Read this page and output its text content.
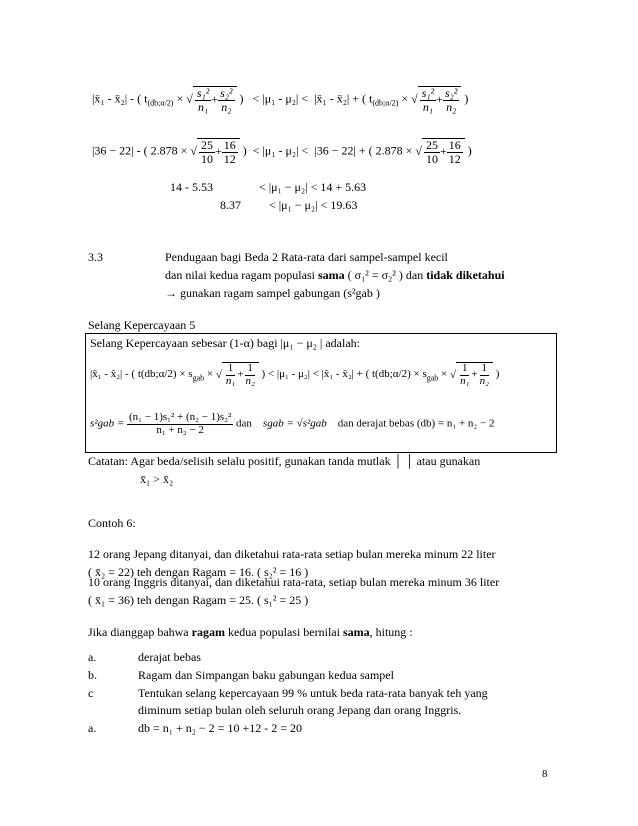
|x̄₁ - x̄₂| - ( $t_{(db;\alpha/2)}$ × √ $\frac{\text{s₁²}}{\text{n₁}} + \frac{\text{s₂²}}{\text{n₂}}$ )   < |μ₁ - μ₂| < |x̄₁ - x̄₂| + ( $t_{(db;\alpha/2)}$ × √ $\frac{\text{s₁²}}{\text{n₁}} + \frac{\text{s₂²}}{\text{n₂}}$ )
|36 − 22| - ( 2.878 × √ $\frac{25}{10} + \frac{16}{12}$ )  < |μ₁ - μ₂| < |36 − 22| + ( 2.878 × √ $\frac{25}{10} + \frac{16}{12}$ )
14 - 5.53	< |μ₁ − μ₂| < 14 + 5.63
8.37 < |μ₁ − μ₂| < 19.63
3.3	Pendugaan bagi Beda 2 Rata-rata dari sampel-sampel kecil
dan nilai kedua ragam populasi sama ( σ₁² = σ₂² ) dan tidak diketahui
→ gunakan ragam sampel gabungan (s²gab )
Selang Kepercayaan 5
Selang Kepercayaan sebesar (1-α) bagi |μ₁ − μ₂ | adalah:
|x̄₁ - x̄₂| - ( t(db;α/2) × $s_{gab}$ × √ $\frac{1}{\text{n₁}} + \frac{1}{\text{n₂}}$ ) < |μ₁ - μ₂| < |x̄₁ - x̄₂| + ( t(db;α/2) × $s_{gab}$ × √ $\frac{1}{\text{n₁}} + \frac{1}{\text{n₂}}$ )
$s^2gab = \frac{\text{(n₁ − 1)s₁² + (n₂ − 1)s₂²}}{\text{n₁ + n₂ − 2}}$ dan sgab = √s²gab dan derajat bebas (db) = n₁ + n₂ − 2
Catatan: Agar beda/selisih selalu positif, gunakan tanda mutlak │ │ atau gunakan
x̄₁ > x̄₂
Contoh 6:
12 orang Jepang ditanyai, dan diketahui rata-rata setiap bulan mereka minum 22 liter
( x̄₂ = 22) teh dengan Ragam = 16. ( s₂² = 16 )
10 orang Inggris ditanyai, dan diketahui rata-rata, setiap bulan mereka minum 36 liter
( x̄₁ = 36) teh dengan Ragam = 25. ( s₁² = 25 )
Jika dianggap bahwa ragam kedua populasi bernilai sama, hitung :
a.	derajat bebas
b.	Ragam dan Simpangan baku gabungan kedua sampel
c	Tentukan selang kepercayaan 99 % untuk beda rata-rata banyak teh yang
diminum setiap bulan oleh seluruh orang Jepang dan orang Inggris.
a.	db = n₁ + n₂ − 2 = 10 +12 - 2 = 20
8
